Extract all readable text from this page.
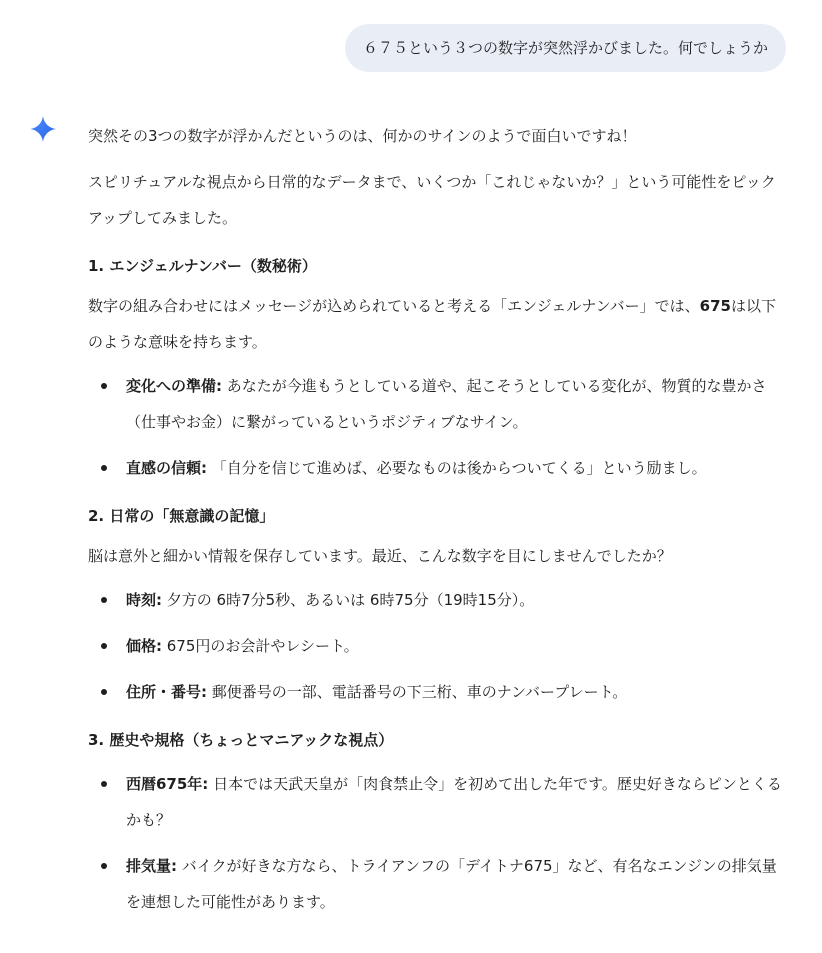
６７５という３つの数字が突然浮かびました。何でしょうか

突然その3つの数字が浮かんだというのは、何かのサインのようで面白いですね！

スピリチュアルな視点から日常的なデータまで、いくつか「これじゃないか？」という可能性をピックアップしてみました。

1. エンジェルナンバー（数秘術）

数字の組み合わせにはメッセージが込められていると考える「エンジェルナンバー」では、675は以下のような意味を持ちます。

変化への準備: あなたが今進もうとしている道や、起こそうとしている変化が、物質的な豊かさ（仕事やお金）に繋がっているというポジティブなサイン。
直感の信頼: 「自分を信じて進めば、必要なものは後からついてくる」という励まし。

2. 日常の「無意識の記憶」

脳は意外と細かい情報を保存しています。最近、こんな数字を目にしませんでしたか？

時刻: 夕方の 6時7分5秒、あるいは 6時75分（19時15分）。
価格: 675円のお会計やレシート。
住所・番号: 郵便番号の一部、電話番号の下三桁、車のナンバープレート。

3. 歴史や規格（ちょっとマニアックな視点）

西暦675年: 日本では天武天皇が「肉食禁止令」を初めて出した年です。歴史好きならピンとくるかも？
排気量: バイクが好きな方なら、トライアンフの「デイトナ675」など、有名なエンジンの排気量を連想した可能性があります。
